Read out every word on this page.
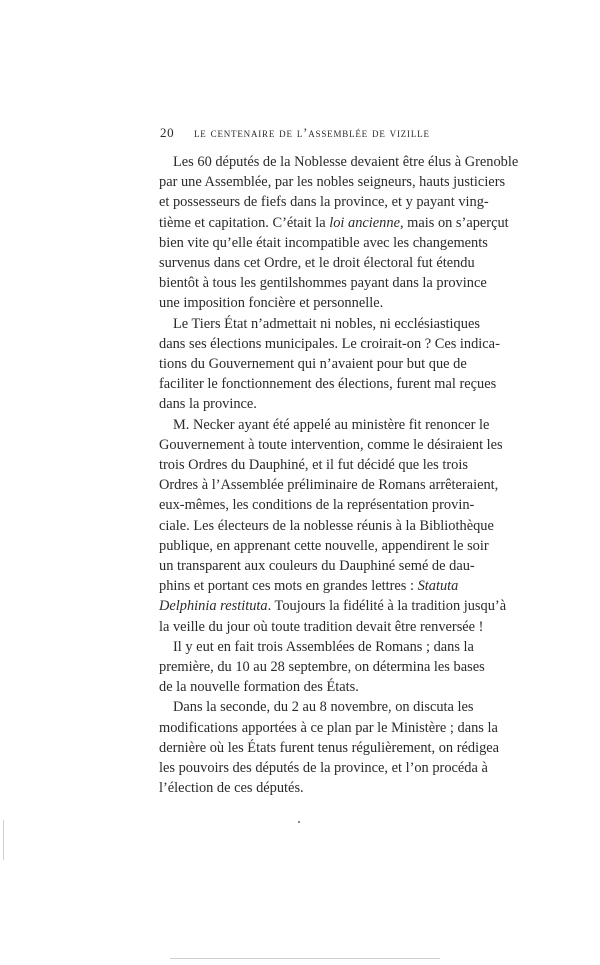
20 le centenaire de l’assemblée de vizille

Les 60 députés de la Noblesse devaient être élus à Grenoble
par une Assemblée, par les nobles seigneurs, hauts justiciers
et possesseurs de fiefs dans la province, et y payant ving-
tième et capitation. C’était la loi ancienne, mais on s’aperçut
bien vite qu’elle était incompatible avec les changements
survenus dans cet Ordre, et le droit électoral fut étendu
bientôt à tous les gentilshommes payant dans la province
une imposition foncière et personnelle.

Le Tiers État n’admettait ni nobles, ni ecclésiastiques
dans ses élections municipales. Le croirait-on ? Ces indica-
tions du Gouvernement qui n’avaient pour but que de
faciliter le fonctionnement des élections, furent mal reçues
dans la province.

M. Necker ayant été appelé au ministère fit renoncer le
Gouvernement à toute intervention, comme le désiraient les
trois Ordres du Dauphiné, et il fut décidé que les trois
Ordres à l’Assemblée préliminaire de Romans arrêteraient,
eux-mêmes, les conditions de la représentation provin-
ciale. Les électeurs de la noblesse réunis à la Bibliothèque
publique, en apprenant cette nouvelle, appendirent le soir
un transparent aux couleurs du Dauphiné semé de dau-
phins et portant ces mots en grandes lettres : Statuta
Delphinia restituta. Toujours la fidélité à la tradition jusqu’à
la veille du jour où toute tradition devait être renversée !

Il y eut en fait trois Assemblées de Romans ; dans la
première, du 10 au 28 septembre, on détermina les bases
de la nouvelle formation des États.

Dans la seconde, du 2 au 8 novembre, on discuta les
modifications apportées à ce plan par le Ministère ; dans la
dernière où les États furent tenus régulièrement, on rédigea
les pouvoirs des députés de la province, et l’on procéda à
l’élection de ces députés.
